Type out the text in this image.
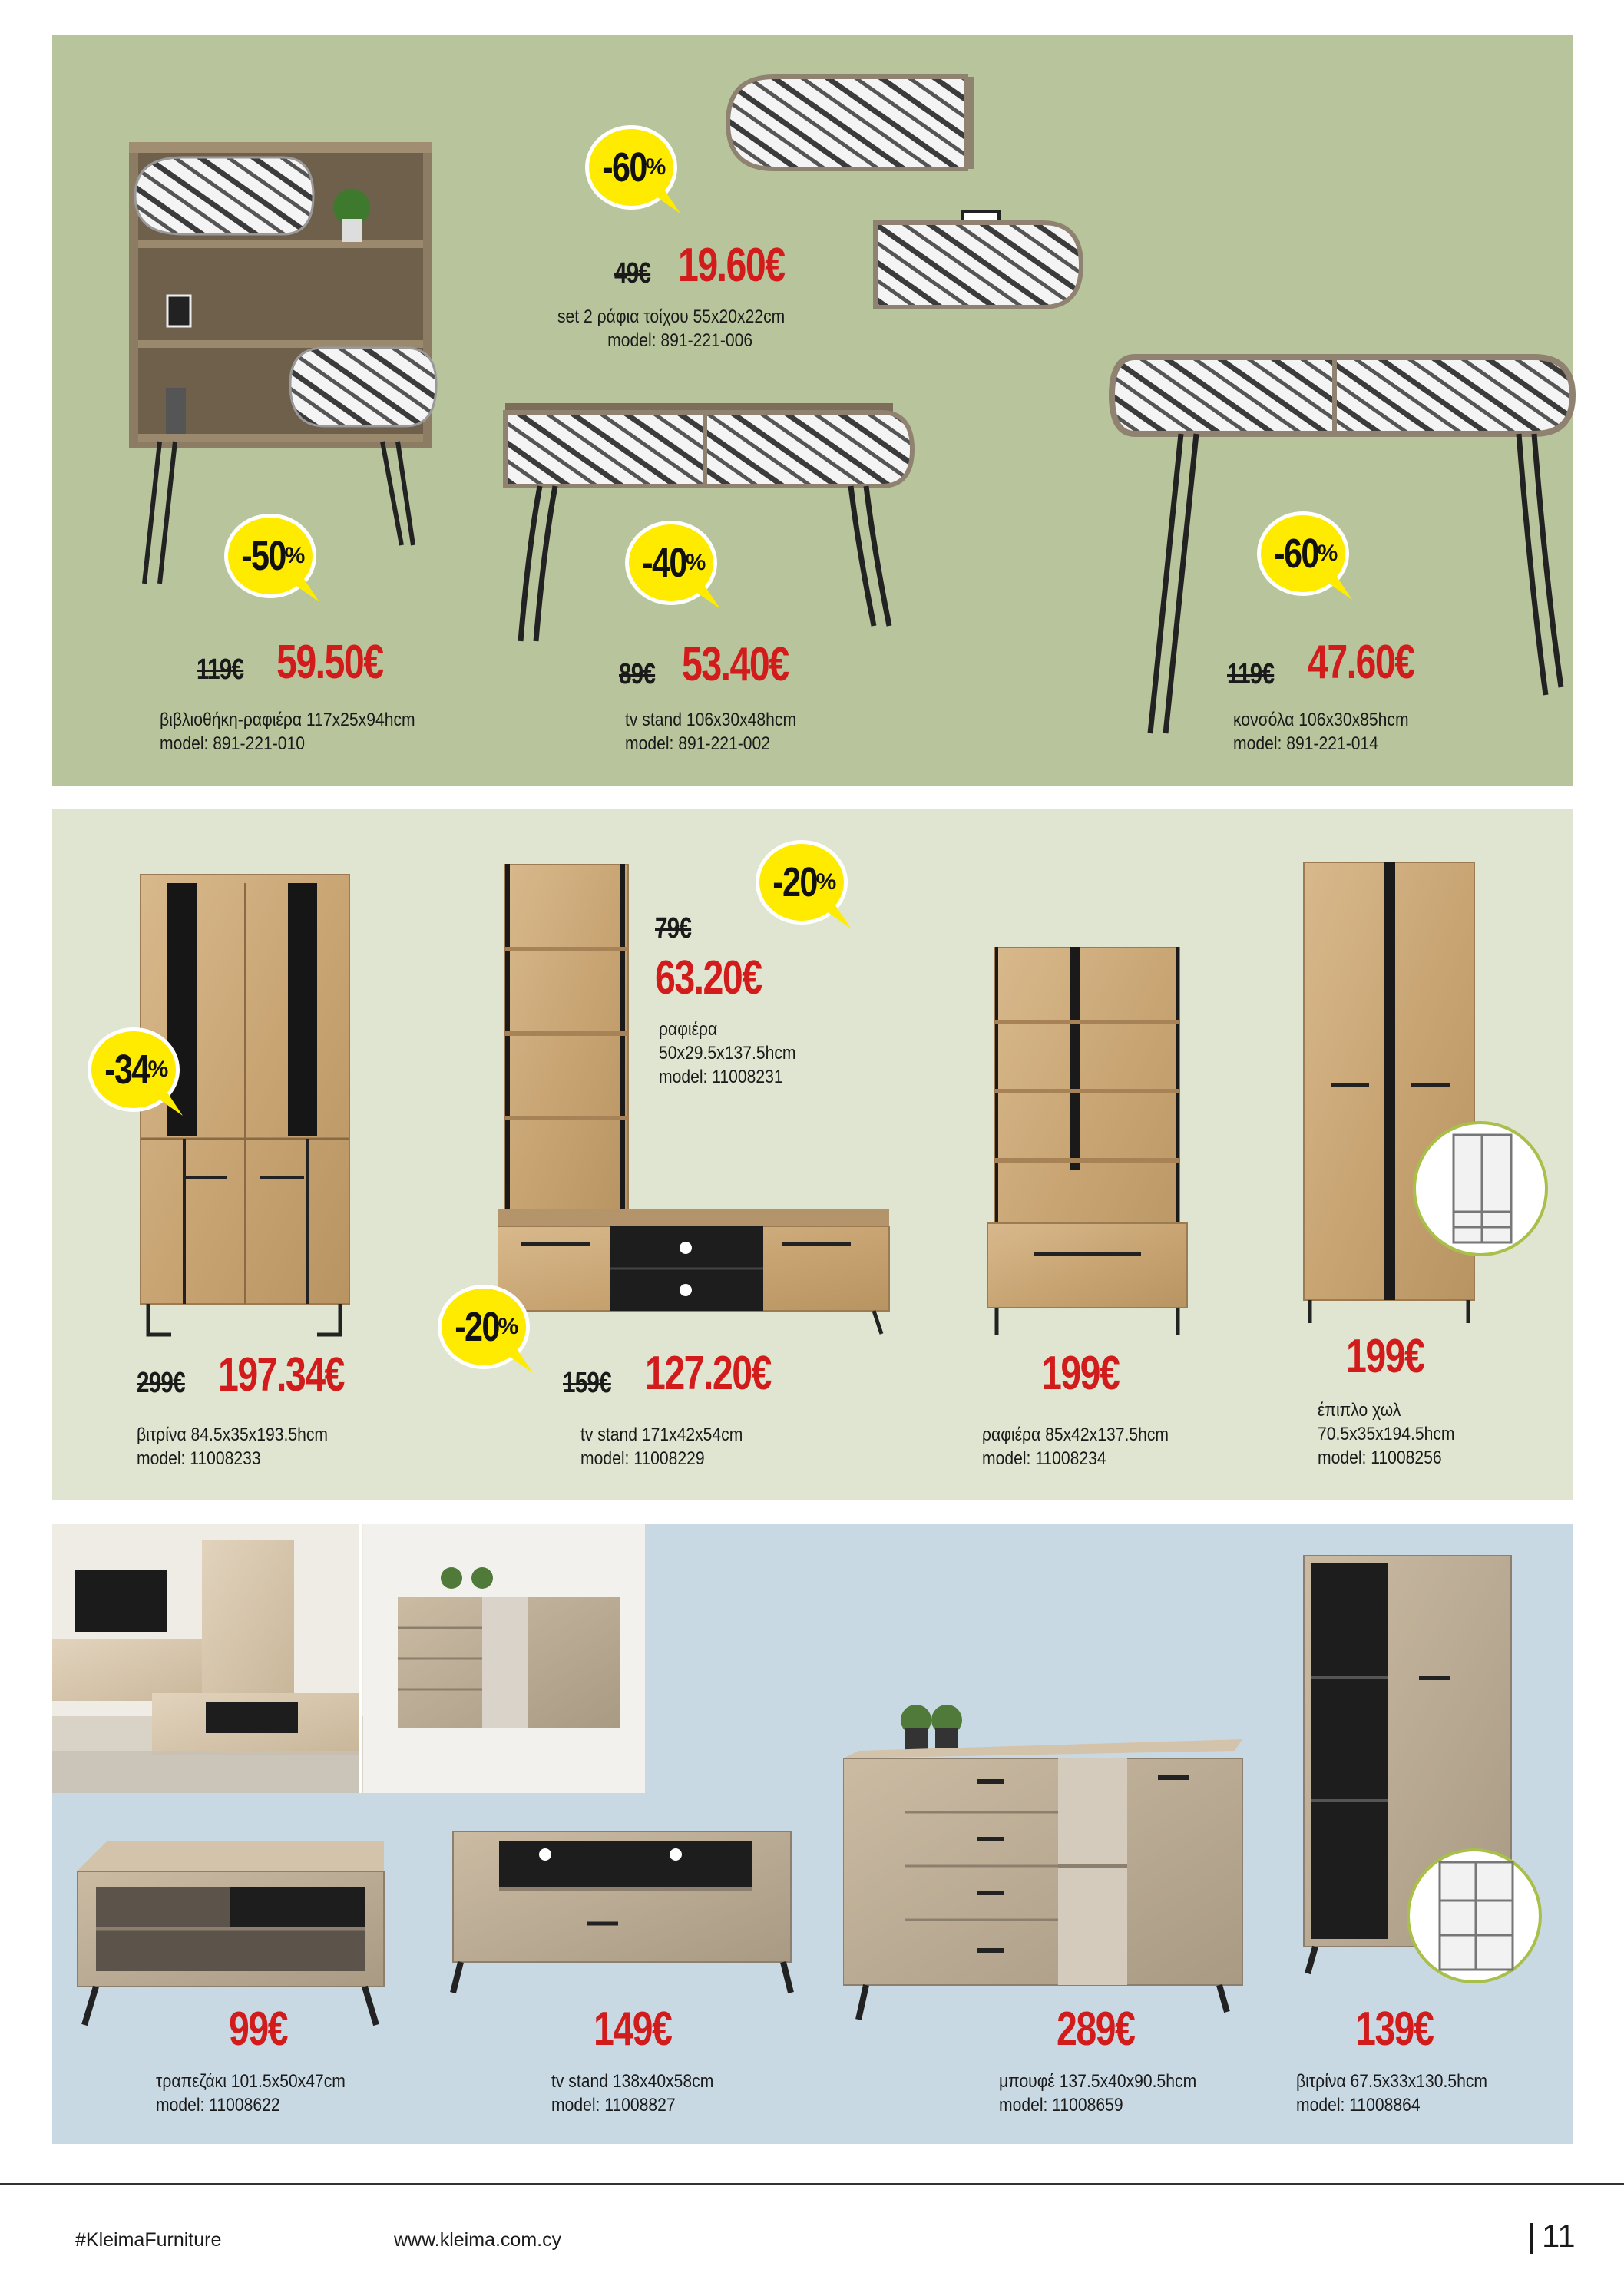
-50 %
-60 %
-40 %	-60 %
119€ 59.50€
βιβλιοθήκη-ραφιέρα 117x25x94hcm
model: 891-221-010
49€ 19.60€
set 2 ράφια τοίχου 55x20x22cm
model: 891-221-006
89€ 53.40€
tv stand 106x30x48hcm
model: 891-221-002
119€ 47.60€
κονσόλα 106x30x85hcm
model: 891-221-014
-34 %
-20 %
-20 %
299€ 197.34€
βιτρίνα 84.5x35x193.5hcm
model: 11008233
79€
63.20€
ραφιέρα
50x29.5x137.5hcm
model: 11008231
159€ 127.20€
tv stand 171x42x54cm
model: 11008229
199€
ραφιέρα 85x42x137.5hcm
model: 11008234
199€
έπιπλο χωλ
70.5x35x194.5hcm
model: 11008256
99€
τραπεζάκι 101.5x50x47cm
model: 11008622
149€
tv stand 138x40x58cm
model: 11008827
289€
μπουφέ 137.5x40x90.5hcm
model: 11008659
139€
βιτρίνα 67.5x33x130.5hcm
model: 11008864
#KleimaFurniture	www.kleima.com.cy	11
